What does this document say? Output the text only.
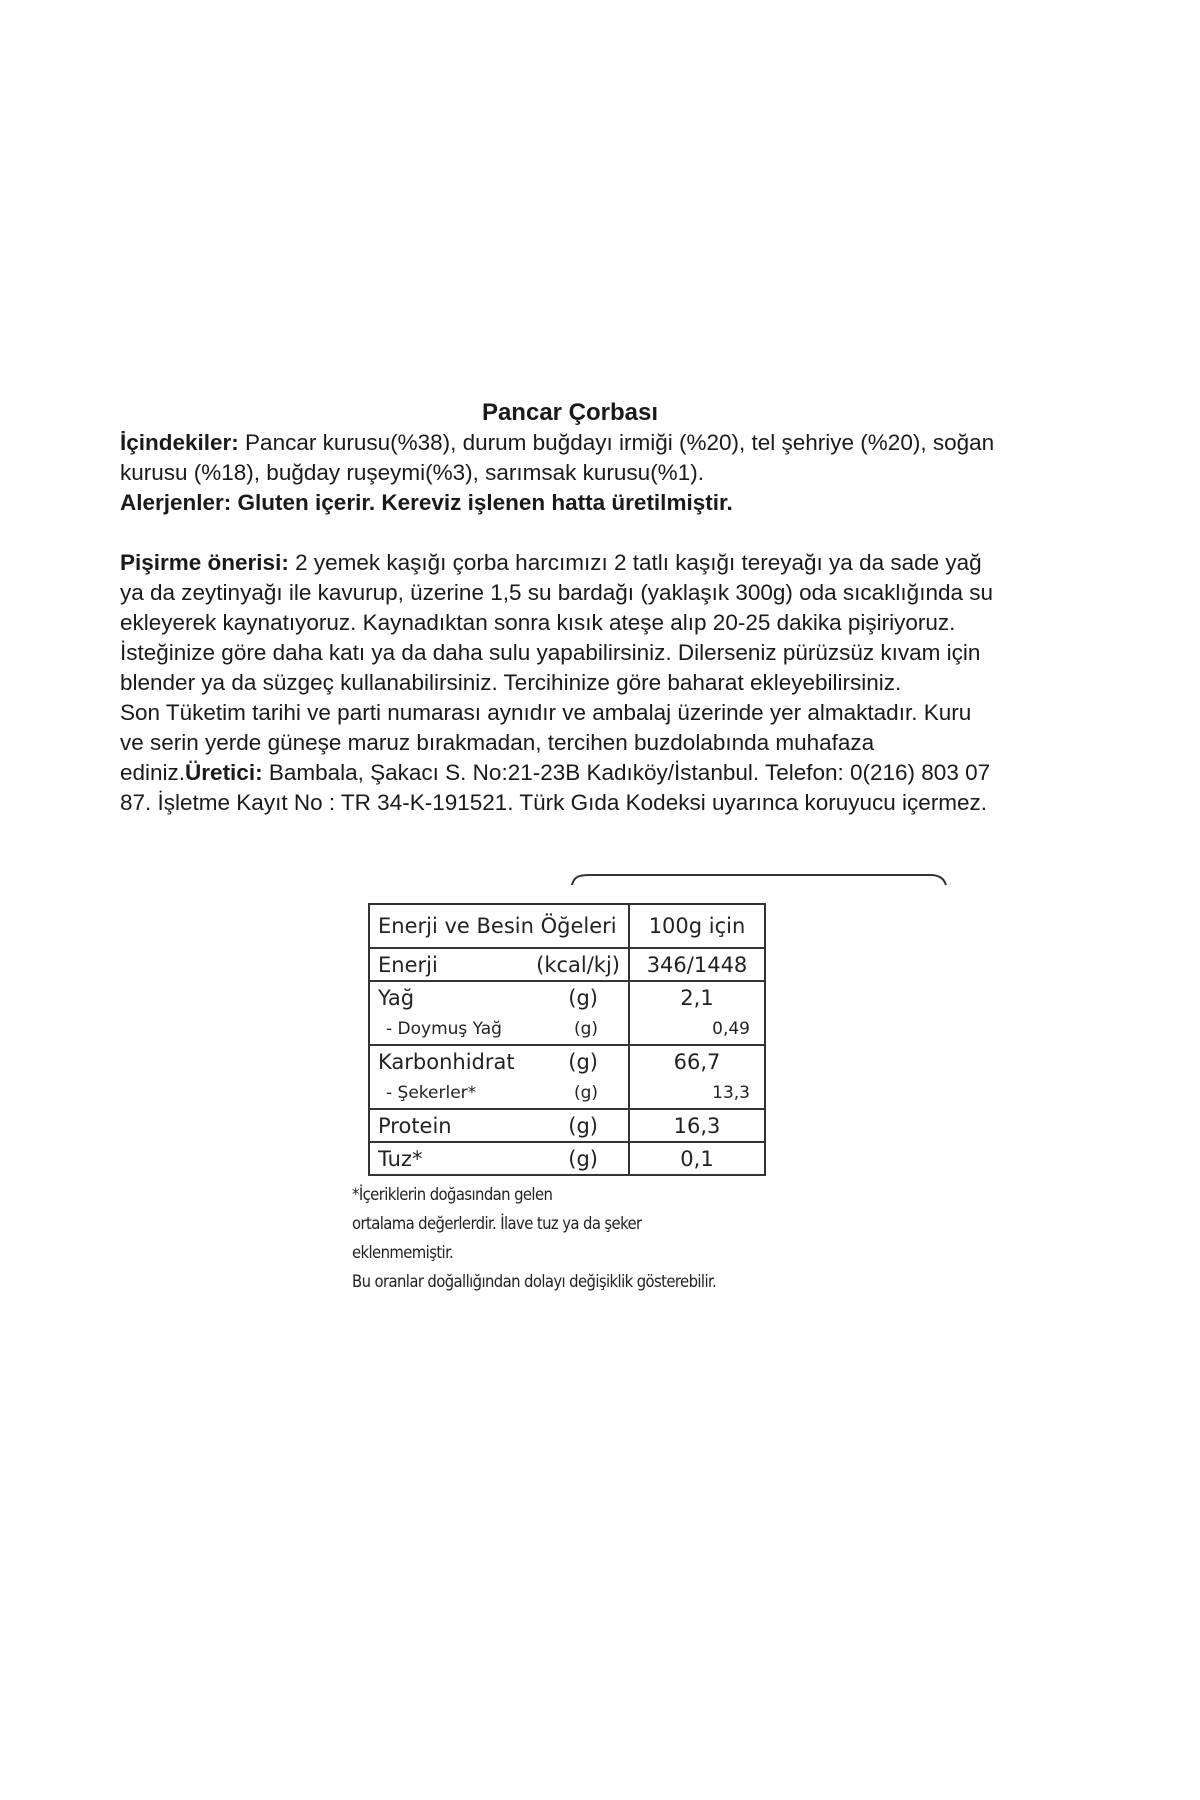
Pancar Çorbası

İçindekiler: Pancar kurusu(%38), durum buğdayı irmiği (%20), tel şehriye (%20), soğan kurusu (%18), buğday ruşeymi(%3), sarımsak kurusu(%1).

Alerjenler: Gluten içerir. Kereviz işlenen hatta üretilmiştir.

Pişirme önerisi: 2 yemek kaşığı çorba harcımızı 2 tatlı kaşığı tereyağı ya da sade yağ ya da zeytinyağı ile kavurup, üzerine 1,5 su bardağı (yaklaşık 300g) oda sıcaklığında su ekleyerek kaynatıyoruz. Kaynadıktan sonra kısık ateşe alıp 20-25 dakika pişiriyoruz. İsteğinize göre daha katı ya da daha sulu yapabilirsiniz. Dilerseniz pürüzsüz kıvam için blender ya da süzgeç kullanabilirsiniz. Tercihinize göre baharat ekleyebilirsiniz.

Son Tüketim tarihi ve parti numarası aynıdır ve ambalaj üzerinde yer almaktadır. Kuru ve serin yerde güneşe maruz bırakmadan, tercihen buzdolabında muhafaza ediniz.Üretici: Bambala, Şakacı S. No:21-23B Kadıköy/İstanbul. Telefon: 0(216) 803 07 87. İşletme Kayıt No : TR 34-K-191521. Türk Gıda Kodeksi uyarınca koruyucu içermez.

Enerji ve Besin Öğeleri	100g için
Enerji (kcal/kj)	346/1448
Yağ (g)	2,1
- Doymuş Yağ (g)	0,49
Karbonhidrat (g)	66,7
- Şekerler* (g)	13,3
Protein (g)	16,3
Tuz* (g)	0,1
*İçeriklerin doğasından gelen
ortalama değerlerdir. İlave tuz ya da şeker
eklenmemiştir.
Bu oranlar doğallığından dolayı değişiklik gösterebilir.
